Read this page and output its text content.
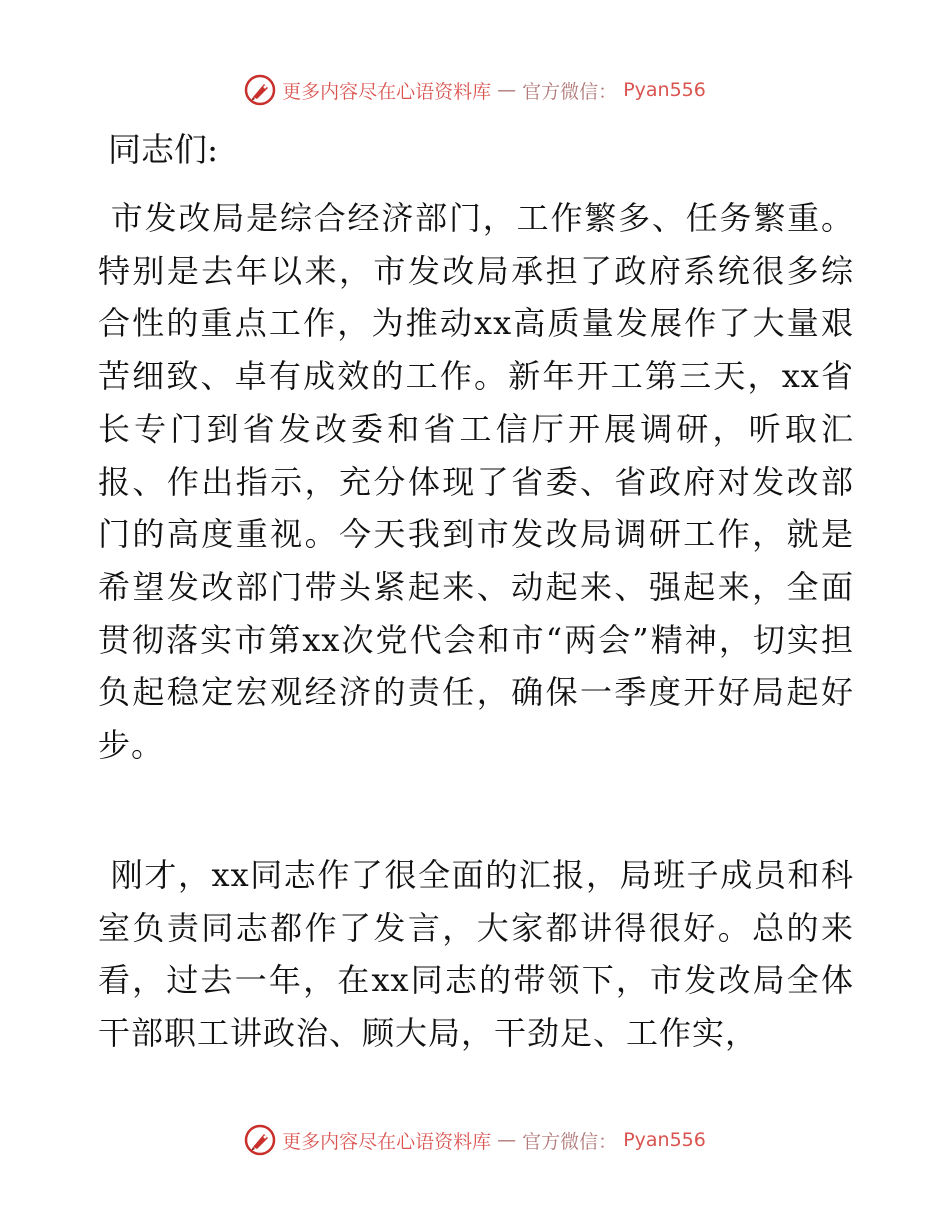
更多内容尽在心语资料库 — 官方微信： Pyan556

同志们:

市发改局是综合经济部门，工作繁多、任务繁重。特别是去年以来，市发改局承担了政府系统很多综合性的重点工作，为推动xx高质量发展作了大量艰苦细致、卓有成效的工作。新年开工第三天，xx省长专门到省发改委和省工信厅开展调研，听取汇报、作出指示，充分体现了省委、省政府对发改部门的高度重视。今天我到市发改局调研工作，就是希望发改部门带头紧起来、动起来、强起来，全面贯彻落实市第xx次党代会和市“两会”精神，切实担负起稳定宏观经济的责任，确保一季度开好局起好步。

刚才，xx同志作了很全面的汇报，局班子成员和科室负责同志都作了发言，大家都讲得很好。总的来看，过去一年，在xx同志的带领下，市发改局全体干部职工讲政治、顾大局，干劲足、工作实，

更多内容尽在心语资料库 — 官方微信： Pyan556
